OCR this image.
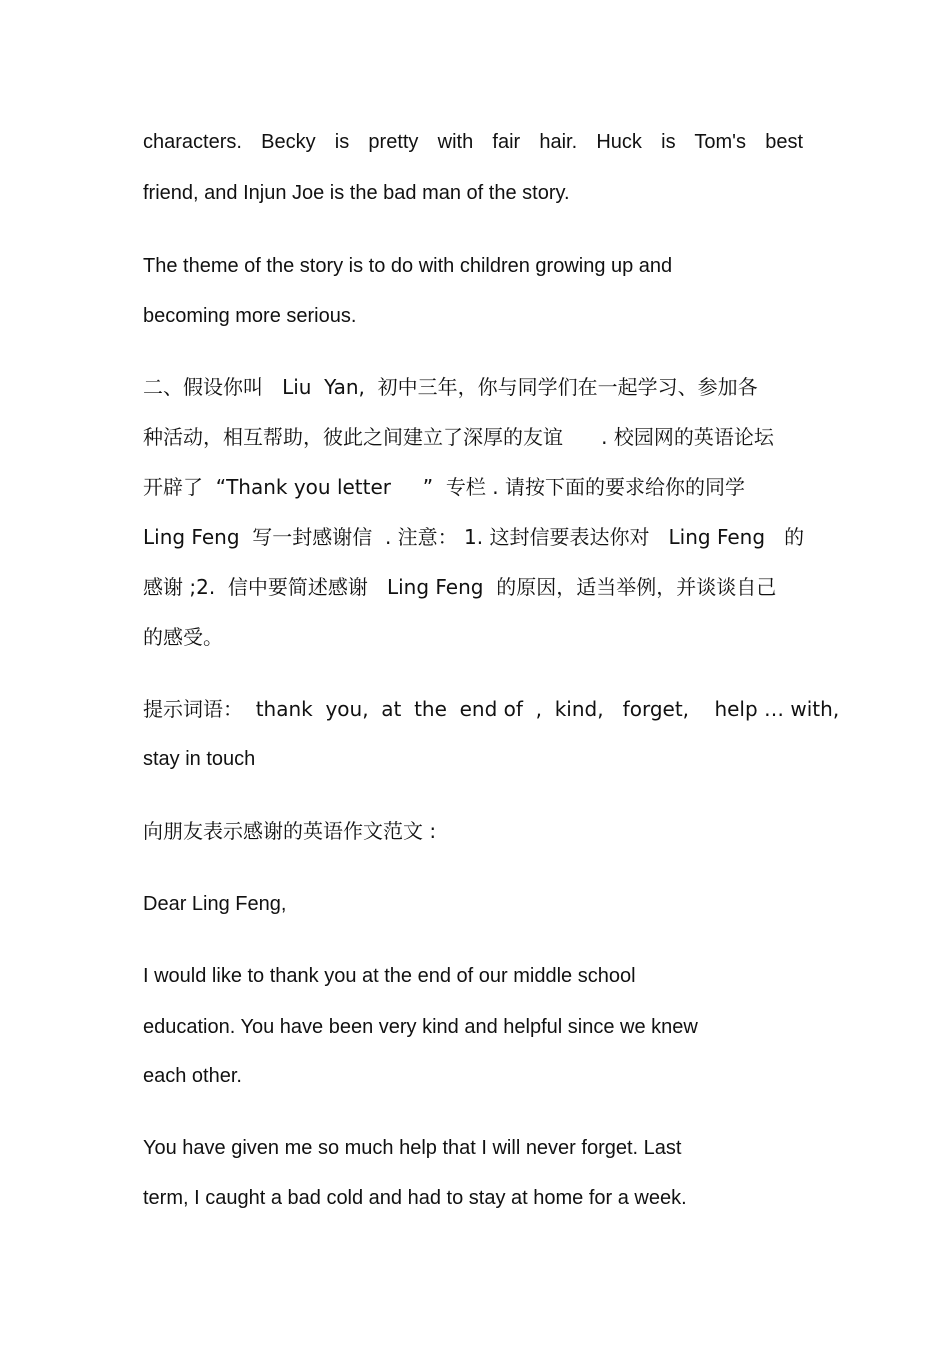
characters. Becky is pretty with fair hair. Huck is Tom's best

friend, and Injun Joe is the bad man of the story.

The theme of the story is to do with children growing up and

becoming more serious.

二、假设你叫   Liu  Yan,  初中三年，你与同学们在一起学习、参加各

种活动，相互帮助，彼此之间建立了深厚的友谊      . 校园网的英语论坛

开辟了  “Thank you letter     ”  专栏 . 请按下面的要求给你的同学

Ling Feng  写一封感谢信  . 注意： 1. 这封信要表达你对   Ling Feng   的

感谢 ;2.  信中要简述感谢   Ling Feng  的原因，适当举例，并谈谈自己

的感受。

提示词语：  thank  you,  at  the  end of  ,  kind,   forget,    help … with,

stay in touch

向朋友表示感谢的英语作文范文 :

Dear Ling Feng,

I would like to thank you at the end of our middle school

education. You have been very kind and helpful since we knew

each other.

You have given me so much help that I will never forget. Last

term, I caught a bad cold and had to stay at home for a week.
